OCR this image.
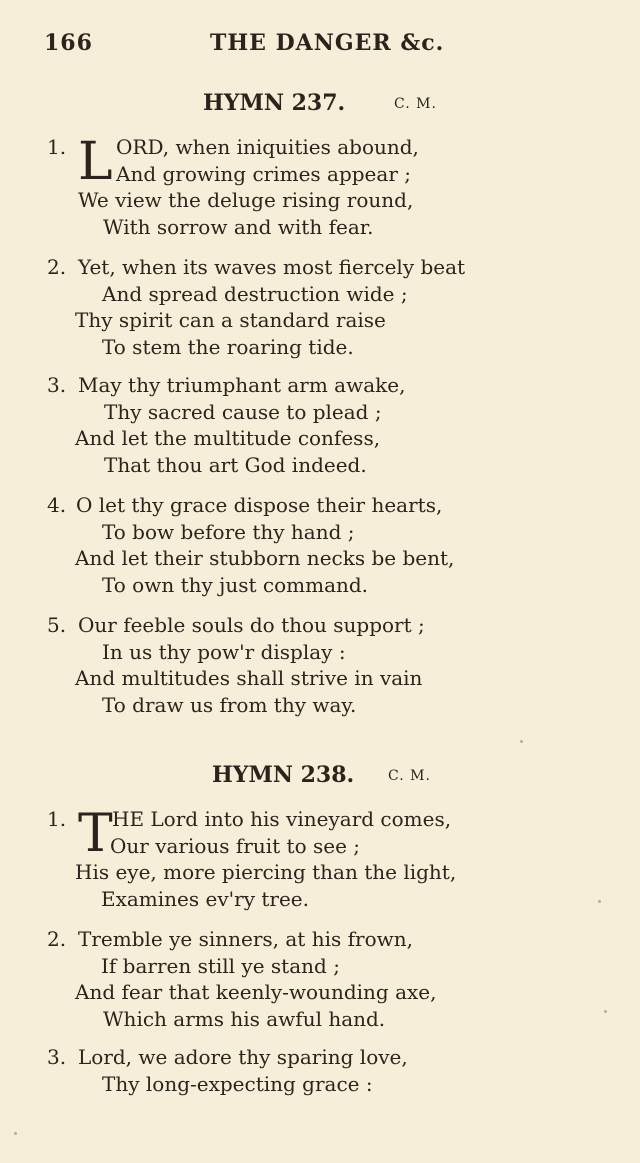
166	THE DANGER &c.
HYMN 237.	C. M.
L
1. ORD, when iniquities abound,
And growing crimes appear ;
We view the deluge rising round,
With sorrow and with fear.
2. Yet, when its waves most fiercely beat
And spread destruction wide ;
Thy spirit can a standard raise
To stem the roaring tide.
3. May thy triumphant arm awake,
Thy sacred cause to plead ;
And let the multitude confess,
That thou art God indeed.
4. O let thy grace dispose their hearts,
To bow before thy hand ;
And let their stubborn necks be bent,
To own thy just command.
5. Our feeble souls do thou support ;
In us thy pow'r display :
And multitudes shall strive in vain
To draw us from thy way.
HYMN 238. C. M.
T
1. HE Lord into his vineyard comes,
Our various fruit to see ;
His eye, more piercing than the light,
Examines ev'ry tree.
2. Tremble ye sinners, at his frown,
If barren still ye stand ;
And fear that keenly-wounding axe,
Which arms his awful hand.
3. Lord, we adore thy sparing love,
Thy long-expecting grace :
